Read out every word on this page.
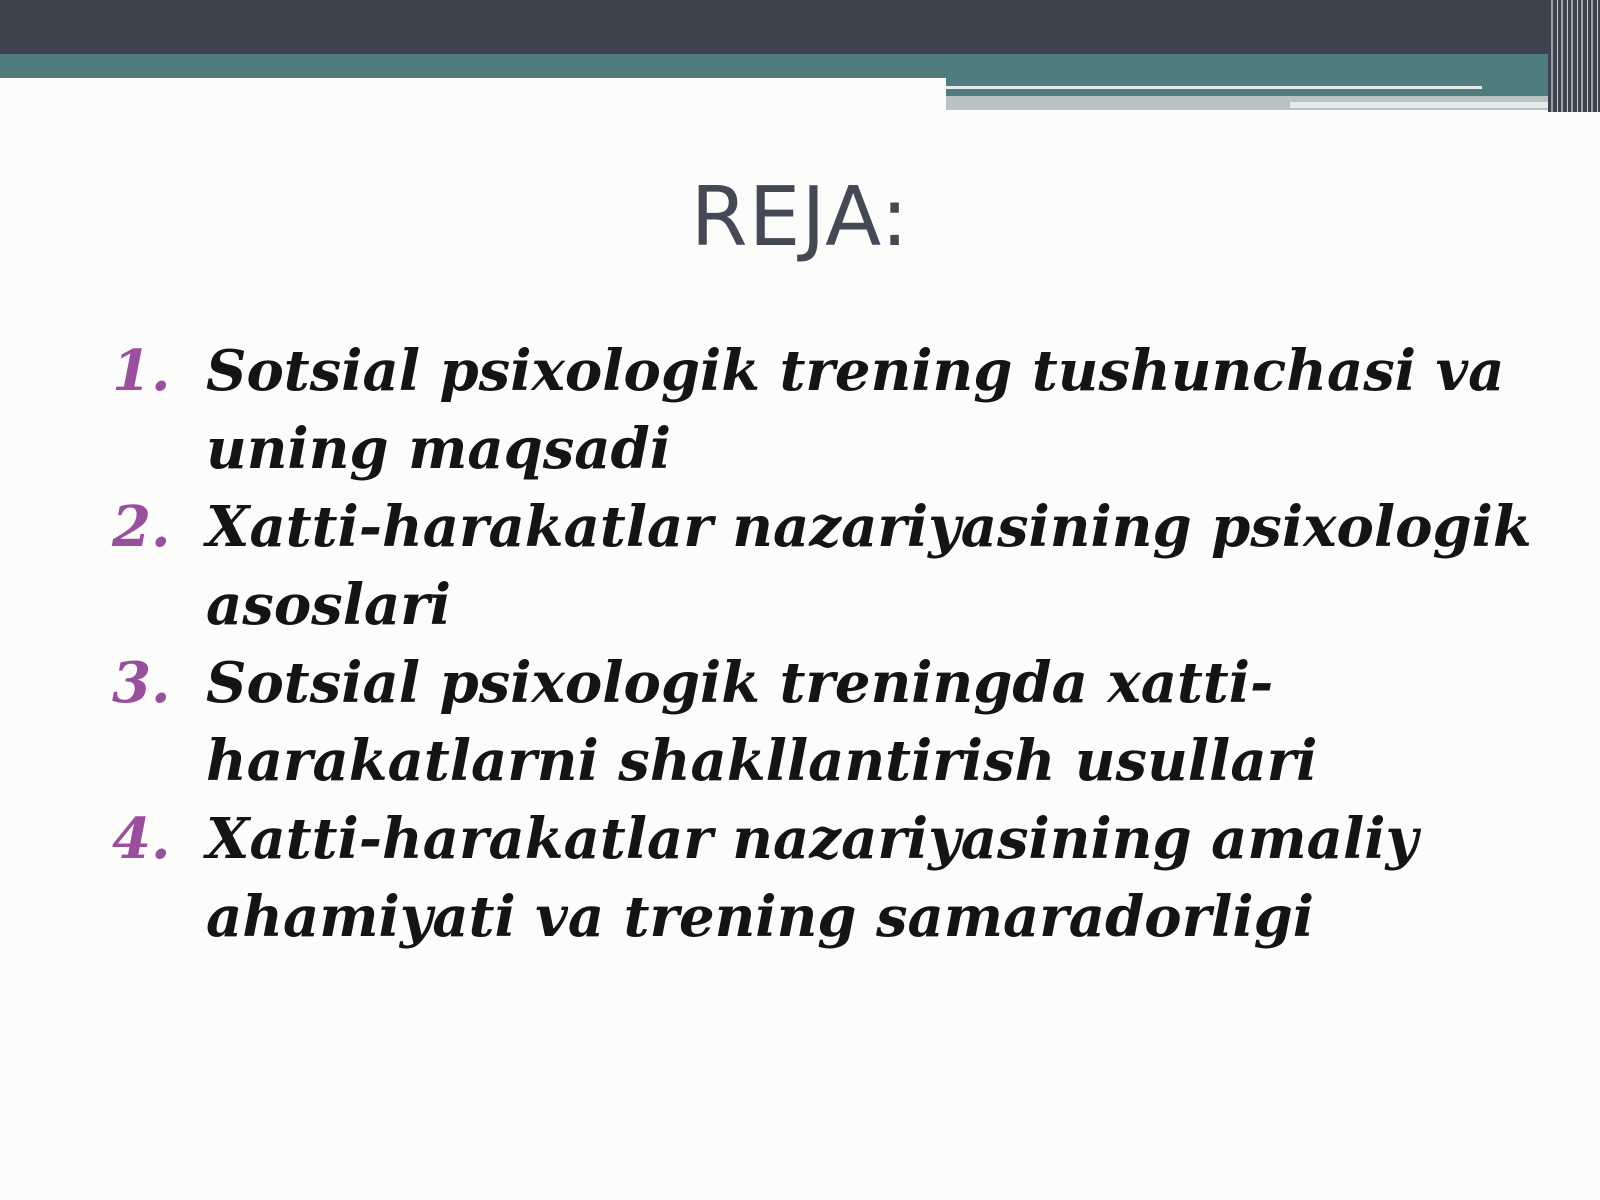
REJA:
1. Sotsial psixologik trening tushunchasi va uning maqsadi
2. Xatti-harakatlar nazariyasining psixologik asoslari
3. Sotsial psixologik treningda xatti-harakatlarni shakllantirish usullari
4. Xatti-harakatlar nazariyasining amaliy ahamiyati va trening samaradorligi
